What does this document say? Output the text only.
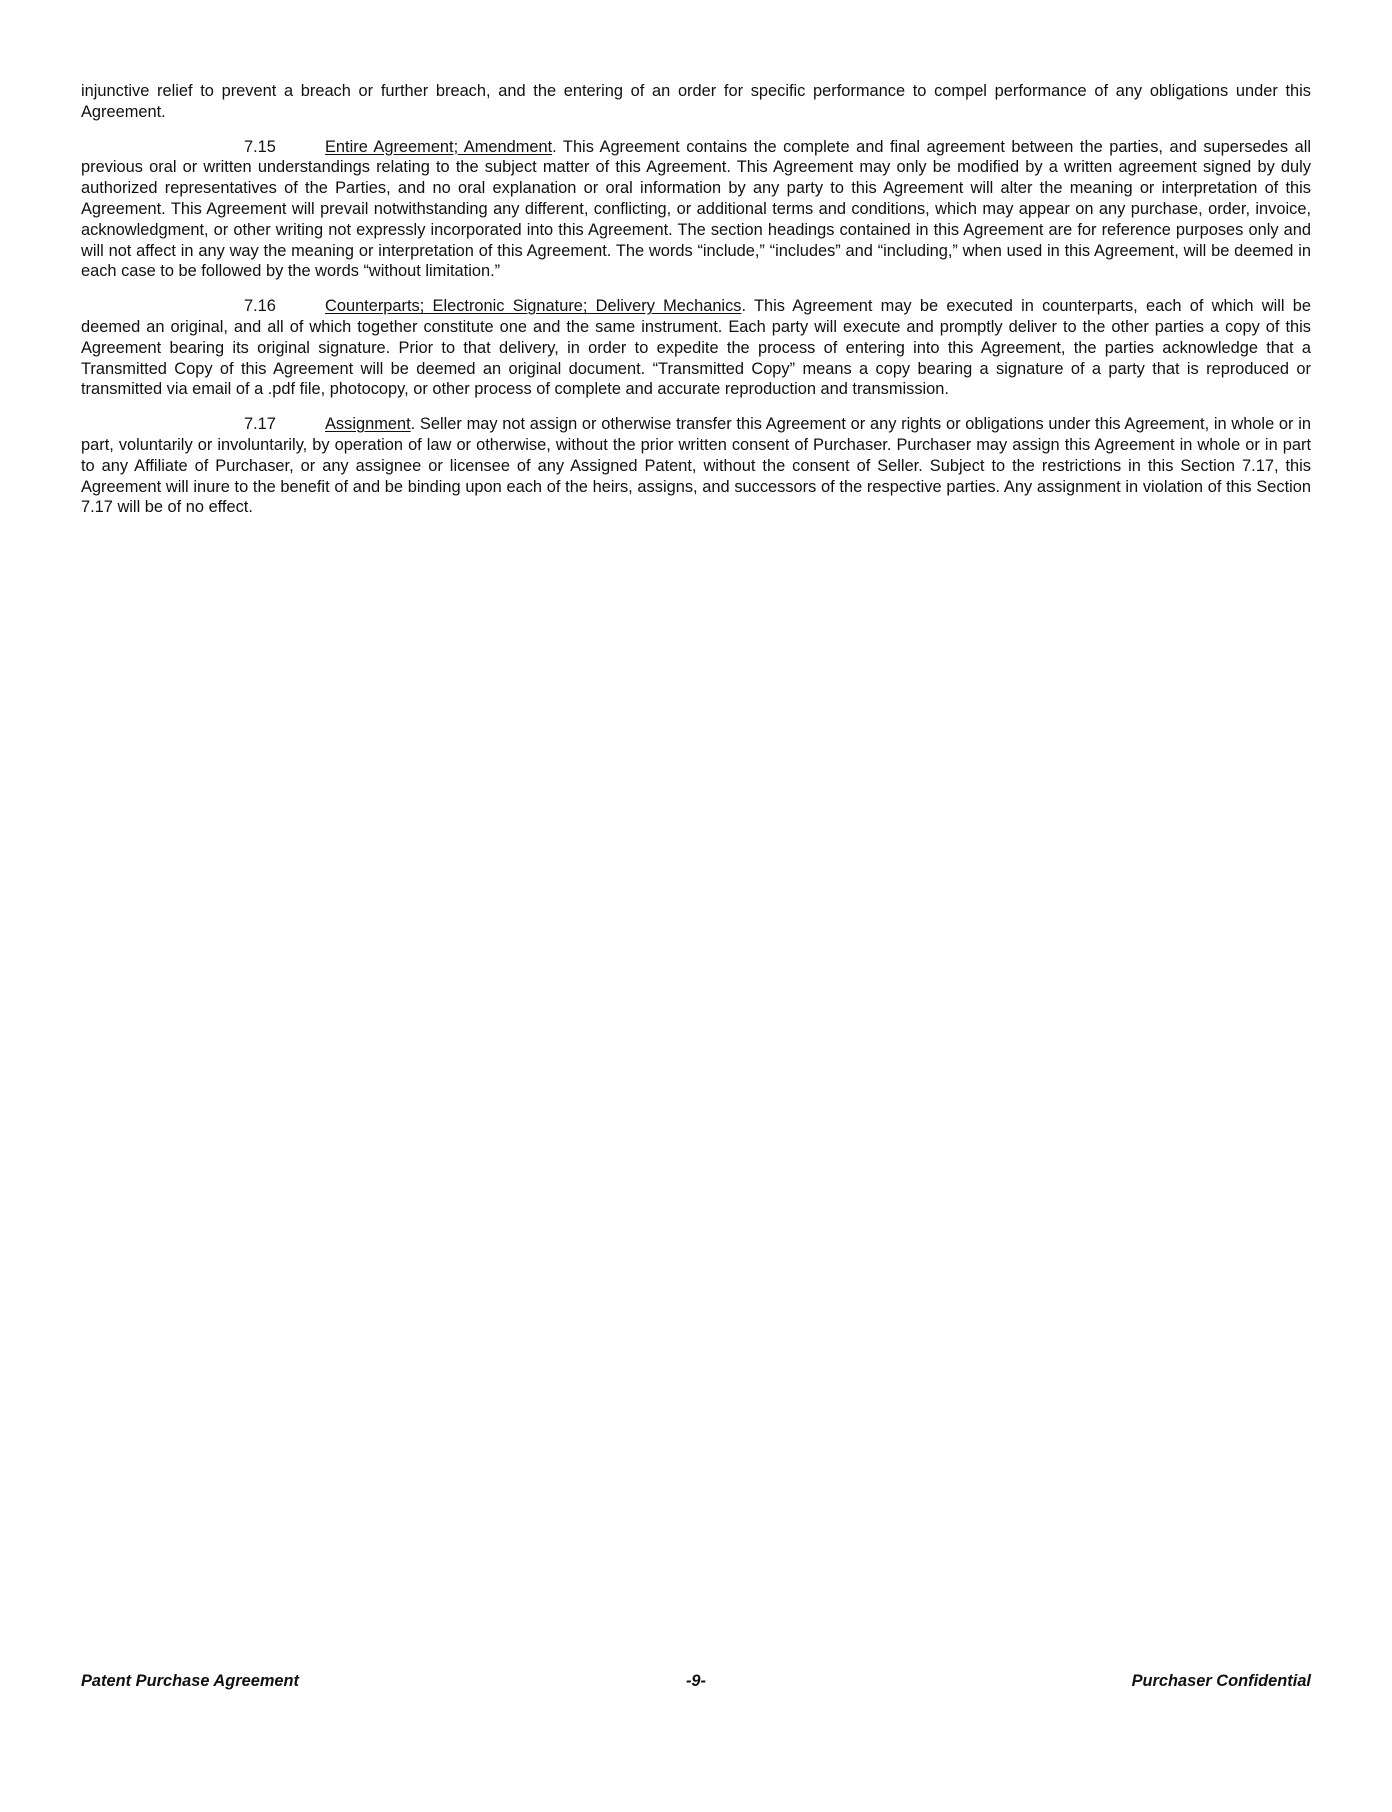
injunctive relief to prevent a breach or further breach, and the entering of an order for specific performance to compel performance of any obligations under this Agreement.

7.15	Entire Agreement; Amendment. This Agreement contains the complete and final agreement between the parties, and supersedes all previous oral or written understandings relating to the subject matter of this Agreement. This Agreement may only be modified by a written agreement signed by duly authorized representatives of the Parties, and no oral explanation or oral information by any party to this Agreement will alter the meaning or interpretation of this Agreement. This Agreement will prevail notwithstanding any different, conflicting, or additional terms and conditions, which may appear on any purchase, order, invoice, acknowledgment, or other writing not expressly incorporated into this Agreement. The section headings contained in this Agreement are for reference purposes only and will not affect in any way the meaning or interpretation of this Agreement. The words “include,” “includes” and “including,” when used in this Agreement, will be deemed in each case to be followed by the words “without limitation.”

7.16	Counterparts; Electronic Signature; Delivery Mechanics. This Agreement may be executed in counterparts, each of which will be deemed an original, and all of which together constitute one and the same instrument. Each party will execute and promptly deliver to the other parties a copy of this Agreement bearing its original signature. Prior to that delivery, in order to expedite the process of entering into this Agreement, the parties acknowledge that a Transmitted Copy of this Agreement will be deemed an original document. “Transmitted Copy” means a copy bearing a signature of a party that is reproduced or transmitted via email of a .pdf file, photocopy, or other process of complete and accurate reproduction and transmission.

7.17	Assignment. Seller may not assign or otherwise transfer this Agreement or any rights or obligations under this Agreement, in whole or in part, voluntarily or involuntarily, by operation of law or otherwise, without the prior written consent of Purchaser. Purchaser may assign this Agreement in whole or in part to any Affiliate of Purchaser, or any assignee or licensee of any Assigned Patent, without the consent of Seller. Subject to the restrictions in this Section 7.17, this Agreement will inure to the benefit of and be binding upon each of the heirs, assigns, and successors of the respective parties. Any assignment in violation of this Section 7.17 will be of no effect.

Patent Purchase Agreement	-9-	Purchaser Confidential
